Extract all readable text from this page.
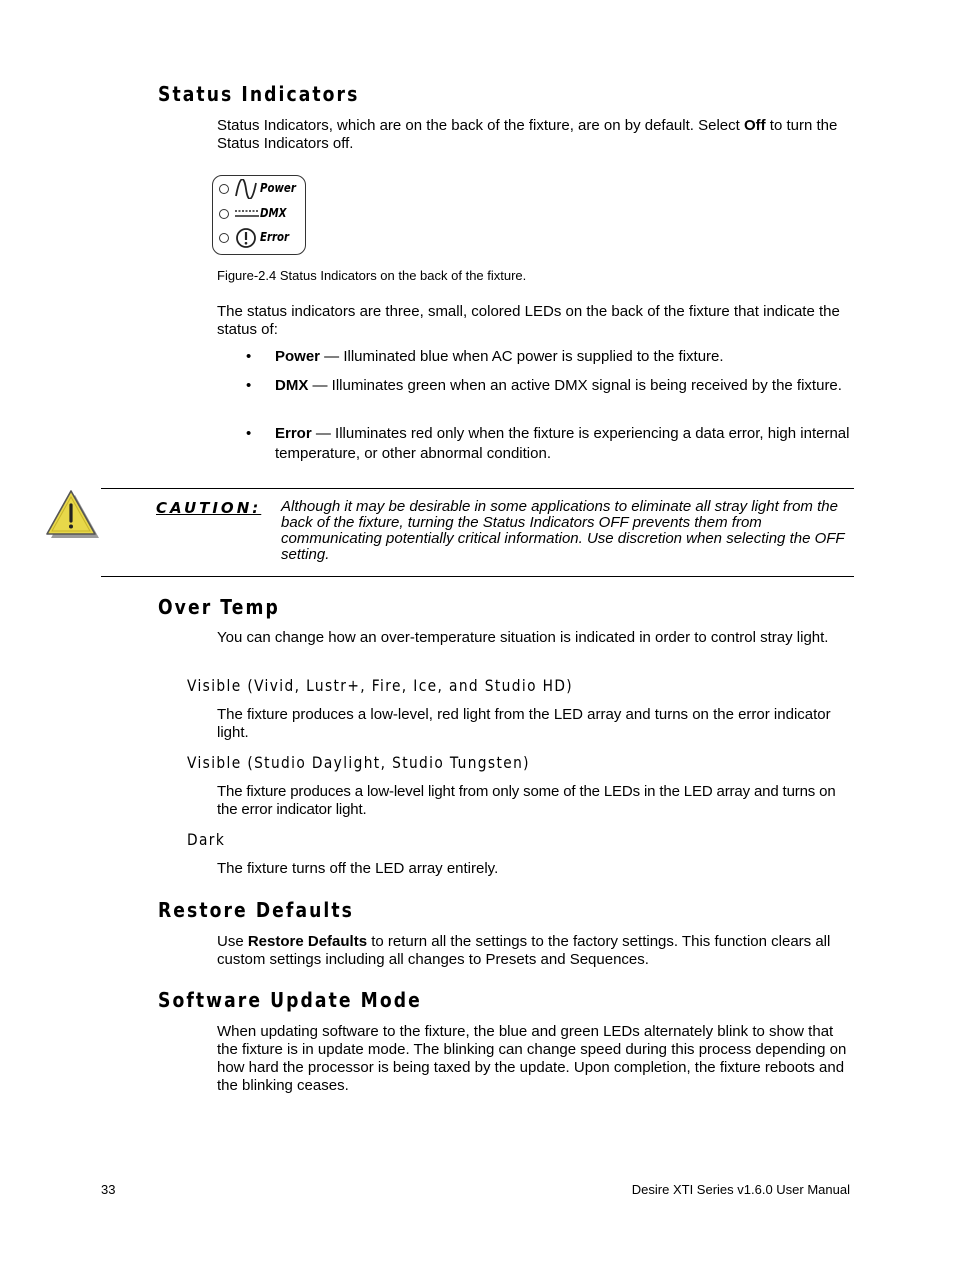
Status Indicators
Status Indicators, which are on the back of the fixture, are on by default. Select Off to turn the Status Indicators off.
Power
DMX
Error
Figure-2.4 Status Indicators on the back of the fixture.
The status indicators are three, small, colored LEDs on the back of the fixture that indicate the status of:
• Power — Illuminated blue when AC power is supplied to the fixture.
• DMX — Illuminates green when an active DMX signal is being received by the fixture.
• Error — Illuminates red only when the fixture is experiencing a data error, high internal temperature, or other abnormal condition.
CAUTION: Although it may be desirable in some applications to eliminate all stray light from the back of the fixture, turning the Status Indicators OFF prevents them from communicating potentially critical information. Use discretion when selecting the OFF setting.
Over Temp
You can change how an over-temperature situation is indicated in order to control stray light.
Visible (Vivid, Lustr+, Fire, Ice, and Studio HD)
The fixture produces a low-level, red light from the LED array and turns on the error indicator light.
Visible (Studio Daylight, Studio Tungsten)
The fixture produces a low-level light from only some of the LEDs in the LED array and turns on the error indicator light.
Dark
The fixture turns off the LED array entirely.
Restore Defaults
Use Restore Defaults to return all the settings to the factory settings. This function clears all custom settings including all changes to Presets and Sequences.
Software Update Mode
When updating software to the fixture, the blue and green LEDs alternately blink to show that the fixture is in update mode. The blinking can change speed during this process depending on how hard the processor is being taxed by the update. Upon completion, the fixture reboots and the blinking ceases.
33	Desire XTI Series v1.6.0 User Manual
